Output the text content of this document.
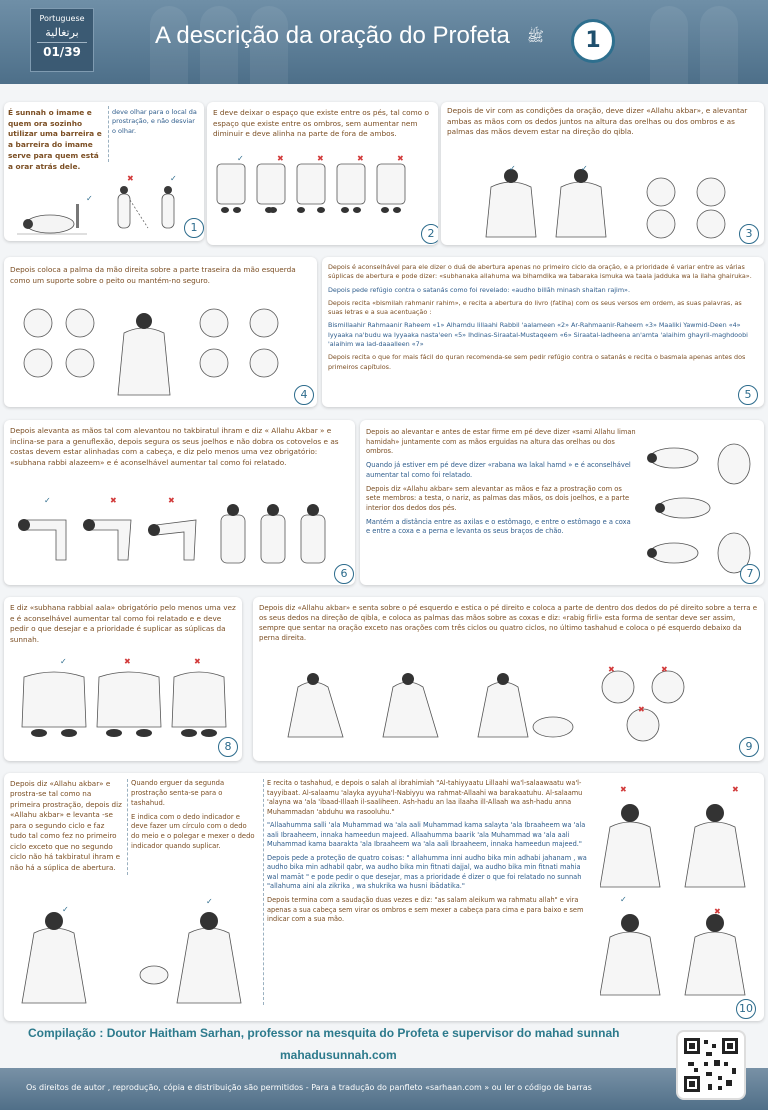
Portuguese
برتغالية
01/39
A descrição da oração do Profeta ﷺ	1
É sunnah o imame e quem ora sozinho utilizar uma barreira e a barreira do imame serve para quem está a orar atrás dele.
deve olhar para o local da prostração, e não desviar o olhar.
✓
✖	✓
1
E deve deixar o espaço que existe entre os pés, tal como o espaço que existe entre os ombros, sem aumentar nem diminuir e deve alinha na parte de fora de ambos.
✓	✖	✖	✖	✖
2
Depois de vir com as condições da oração, deve dizer «Allahu akbar», e alevantar ambas as mãos com os dedos juntos na altura das orelhas ou dos ombros e as palmas das mãos devem estar na direção do qibla.
✓	✓
3
Depois coloca a palma da mão direita sobre a parte traseira da mão esquerda como um suporte sobre o peito ou mantém-no seguro.
4
Depois é aconselhável para ele dizer o duá de abertura apenas no primeiro ciclo da oração, e a prioridade é variar entre as várias súplicas de abertura e pode dizer: «subhanaka allahuma wa bihamdika wa tabaraka ismuka wa taala jadduka wa la ilaha ghairuka».
Depois pede refúgio contra o satanás como foi revelado: «audho billāh minash shaitan rajim».
Depois recita «bismilah rahmanir rahim», e recita a abertura do livro (fatiha) com os seus versos em ordem, as suas palavras, as suas letras e a sua acentuação :
Bismillaahir Rahmaanir Raheem «1» Alhamdu lillaahi Rabbil 'aalameen «2» Ar-Rahmaanir-Raheem «3» Maaliki Yawmid-Deen «4» Iyyaaka na'budu wa Iyyaaka nasta'een «5» Ihdinas-Siraatal-Mustaqeem «6» Siraatal-ladheena an'amta 'alaihim ghayril-maghdoobi 'alaihim wa lad-daaalleen «7»
Depois recita o que for mais fácil do quran recomenda-se sem pedir refúgio contra o satanás e recita o basmala apenas antes dos primeiros capítulos.
5
Depois alevanta as mãos tal com alevantou no takbiratul ihram e diz « Allahu Akbar » e inclina-se para a genuflexão, depois segura os seus joelhos e não dobra os cotovelos e as costas devem estar alinhadas com a cabeça, e diz pelo menos uma vez obrigatório: «subhana rabbi alazeem» e é aconselhável aumentar tal como foi relatado.
✓	✖	✖
6
Depois ao alevantar e antes de estar firme em pé deve dizer «sami Allahu liman hamidah» juntamente com as mãos erguidas na altura das orelhas ou dos ombros.
Quando já estiver em pé deve dizer «rabana wa lakal hamd » e é aconselhável aumentar tal como foi relatado.
Depois diz «Allahu akbar» sem alevantar as mãos e faz a prostração com os sete membros: a testa, o nariz, as palmas das mãos, os dois joelhos, e a parte interior dos dedos dos pés.
Mantém a distância entre as axilas e o estômago, e entre o estômago e a coxa e entre a coxa e a perna e levanta os seus braços de chão.
7
E diz «subhana rabbial aala» obrigatório pelo menos uma vez e é aconselhável aumentar tal como foi relatado e e deve pedir o que desejar e a prioridade é suplicar as súplicas da sunnah.
✓	✖	✖
8
Depois diz «Allahu akbar» e senta sobre o pé esquerdo e estica o pé direito e coloca a parte de dentro dos dedos do pé direito sobre a terra e os seus dedos na direção de qibla, e coloca as palmas das mãos sobre as coxas e diz: «rabig firli» esta forma de sentar deve ser assim, sempre que sentar na oração exceto nas orações com três ciclos ou quatro ciclos, no último tashahud e coloca o pé esquerdo debaixo da perna direita.
✖	✖
✖
9
Depois diz «Allahu akbar» e prostra-se tal como na primeira prostração, depois diz «Allahu akbar» e levanta -se para o segundo ciclo e faz tudo tal como fez no primeiro ciclo exceto que no segundo ciclo não há takbiratul ihram e não há a súplica de abertura.
Quando erguer da segunda prostração senta-se para o tashahud.
E indica com o dedo indicador e deve fazer um círculo com o dedo do meio e o polegar e mexer o dedo indicador quando suplicar.
E recita o tashahud, e depois o salah al ibrahimiah "Al-tahiyyaatu Lillaahi wa'l-salaawaatu wa'l-tayyibaat. Al-salaamu 'alayka ayyuha'l-Nabiyyu wa rahmat-Allaahi wa barakaatuhu. Al-salaamu 'alayna wa 'ala 'ibaad-Illaah il-saaliheen. Ash-hadu an laa ilaaha ill-Allaah wa ash-hadu anna Muhammadan 'abduhu wa rasooluhu."
"Allaahumma salli 'ala Muhammad wa 'ala aali Muhammad kama salayta 'ala Ibraaheem wa 'ala aali Ibraaheem, innaka hameedun majeed. Allaahumma baarik 'ala Muhammad wa 'ala aali Muhammad kama baarakta 'ala Ibraaheem wa 'ala aali Ibraaheem, innaka hameedun majeed."
Depois pede a proteção de quatro coisas: " allahumma inni audho bika min adhabi jahanam , wa audho bika min adhabil qabr, wa audho bika min fitnati dajjal, wa audho bika min fitnati mahia wal mamāt " e pode pedir o que desejar, mas a prioridade é dizer o que foi relatado no sunnah "allahuma aini ala zikrika , wa shukrika wa husni ibādatika."
Depois termina com a saudação duas vezes e diz: "as salam aleikum wa rahmatu allah" e vira apenas a sua cabeça sem virar os ombros e sem mexer a cabeça para cima e para baixo e sem indicar com a sua mão.
✓
✓
✖	✖
✓
✖
10
Compilação : Doutor Haitham Sarhan, professor na mesquita do Profeta e supervisor do mahad sunnah
mahadusunnah.com
Os direitos de autor , reprodução, cópia e distribuição são permitidos - Para a tradução do panfleto «sarhaan.com » ou ler o código de barras
